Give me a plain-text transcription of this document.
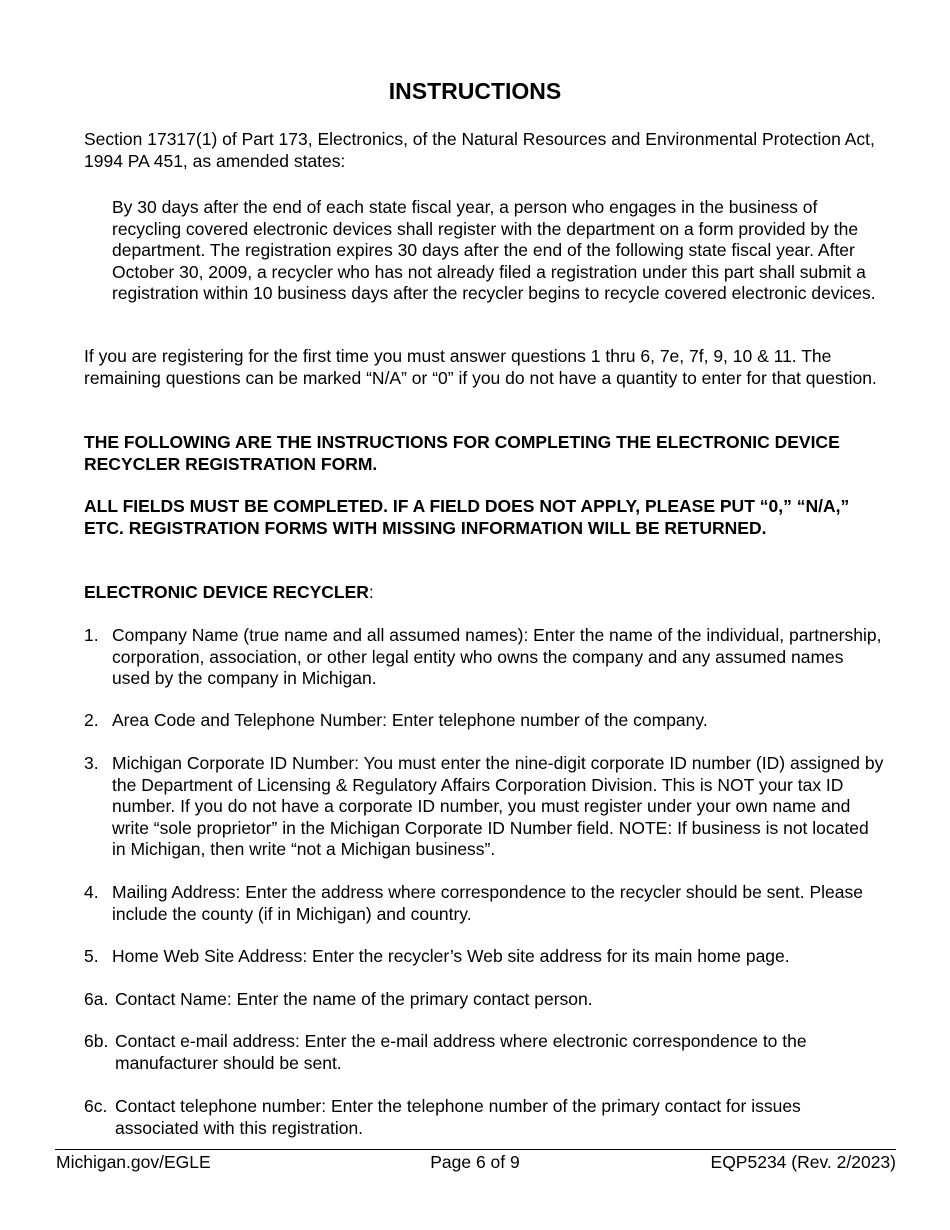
INSTRUCTIONS

Section 17317(1) of Part 173, Electronics, of the Natural Resources and Environmental Protection Act, 1994 PA 451, as amended states:

By 30 days after the end of each state fiscal year, a person who engages in the business of recycling covered electronic devices shall register with the department on a form provided by the department. The registration expires 30 days after the end of the following state fiscal year. After October 30, 2009, a recycler who has not already filed a registration under this part shall submit a registration within 10 business days after the recycler begins to recycle covered electronic devices.

If you are registering for the first time you must answer questions 1 thru 6, 7e, 7f, 9, 10 & 11. The remaining questions can be marked “N/A” or “0” if you do not have a quantity to enter for that question.

THE FOLLOWING ARE THE INSTRUCTIONS FOR COMPLETING THE ELECTRONIC DEVICE RECYCLER REGISTRATION FORM.

ALL FIELDS MUST BE COMPLETED. IF A FIELD DOES NOT APPLY, PLEASE PUT “0,” “N/A,” ETC. REGISTRATION FORMS WITH MISSING INFORMATION WILL BE RETURNED.

ELECTRONIC DEVICE RECYCLER:

1. Company Name (true name and all assumed names): Enter the name of the individual, partnership, corporation, association, or other legal entity who owns the company and any assumed names used by the company in Michigan.
2. Area Code and Telephone Number: Enter telephone number of the company.
3. Michigan Corporate ID Number: You must enter the nine-digit corporate ID number (ID) assigned by the Department of Licensing & Regulatory Affairs Corporation Division. This is NOT your tax ID number. If you do not have a corporate ID number, you must register under your own name and write “sole proprietor” in the Michigan Corporate ID Number field. NOTE: If business is not located in Michigan, then write “not a Michigan business”.
4. Mailing Address: Enter the address where correspondence to the recycler should be sent. Please include the county (if in Michigan) and country.
5. Home Web Site Address: Enter the recycler’s Web site address for its main home page.
6a. Contact Name: Enter the name of the primary contact person.
6b. Contact e-mail address: Enter the e-mail address where electronic correspondence to the manufacturer should be sent.
6c. Contact telephone number: Enter the telephone number of the primary contact for issues associated with this registration.
Michigan.gov/EGLE	Page 6 of 9	EQP5234 (Rev. 2/2023)
